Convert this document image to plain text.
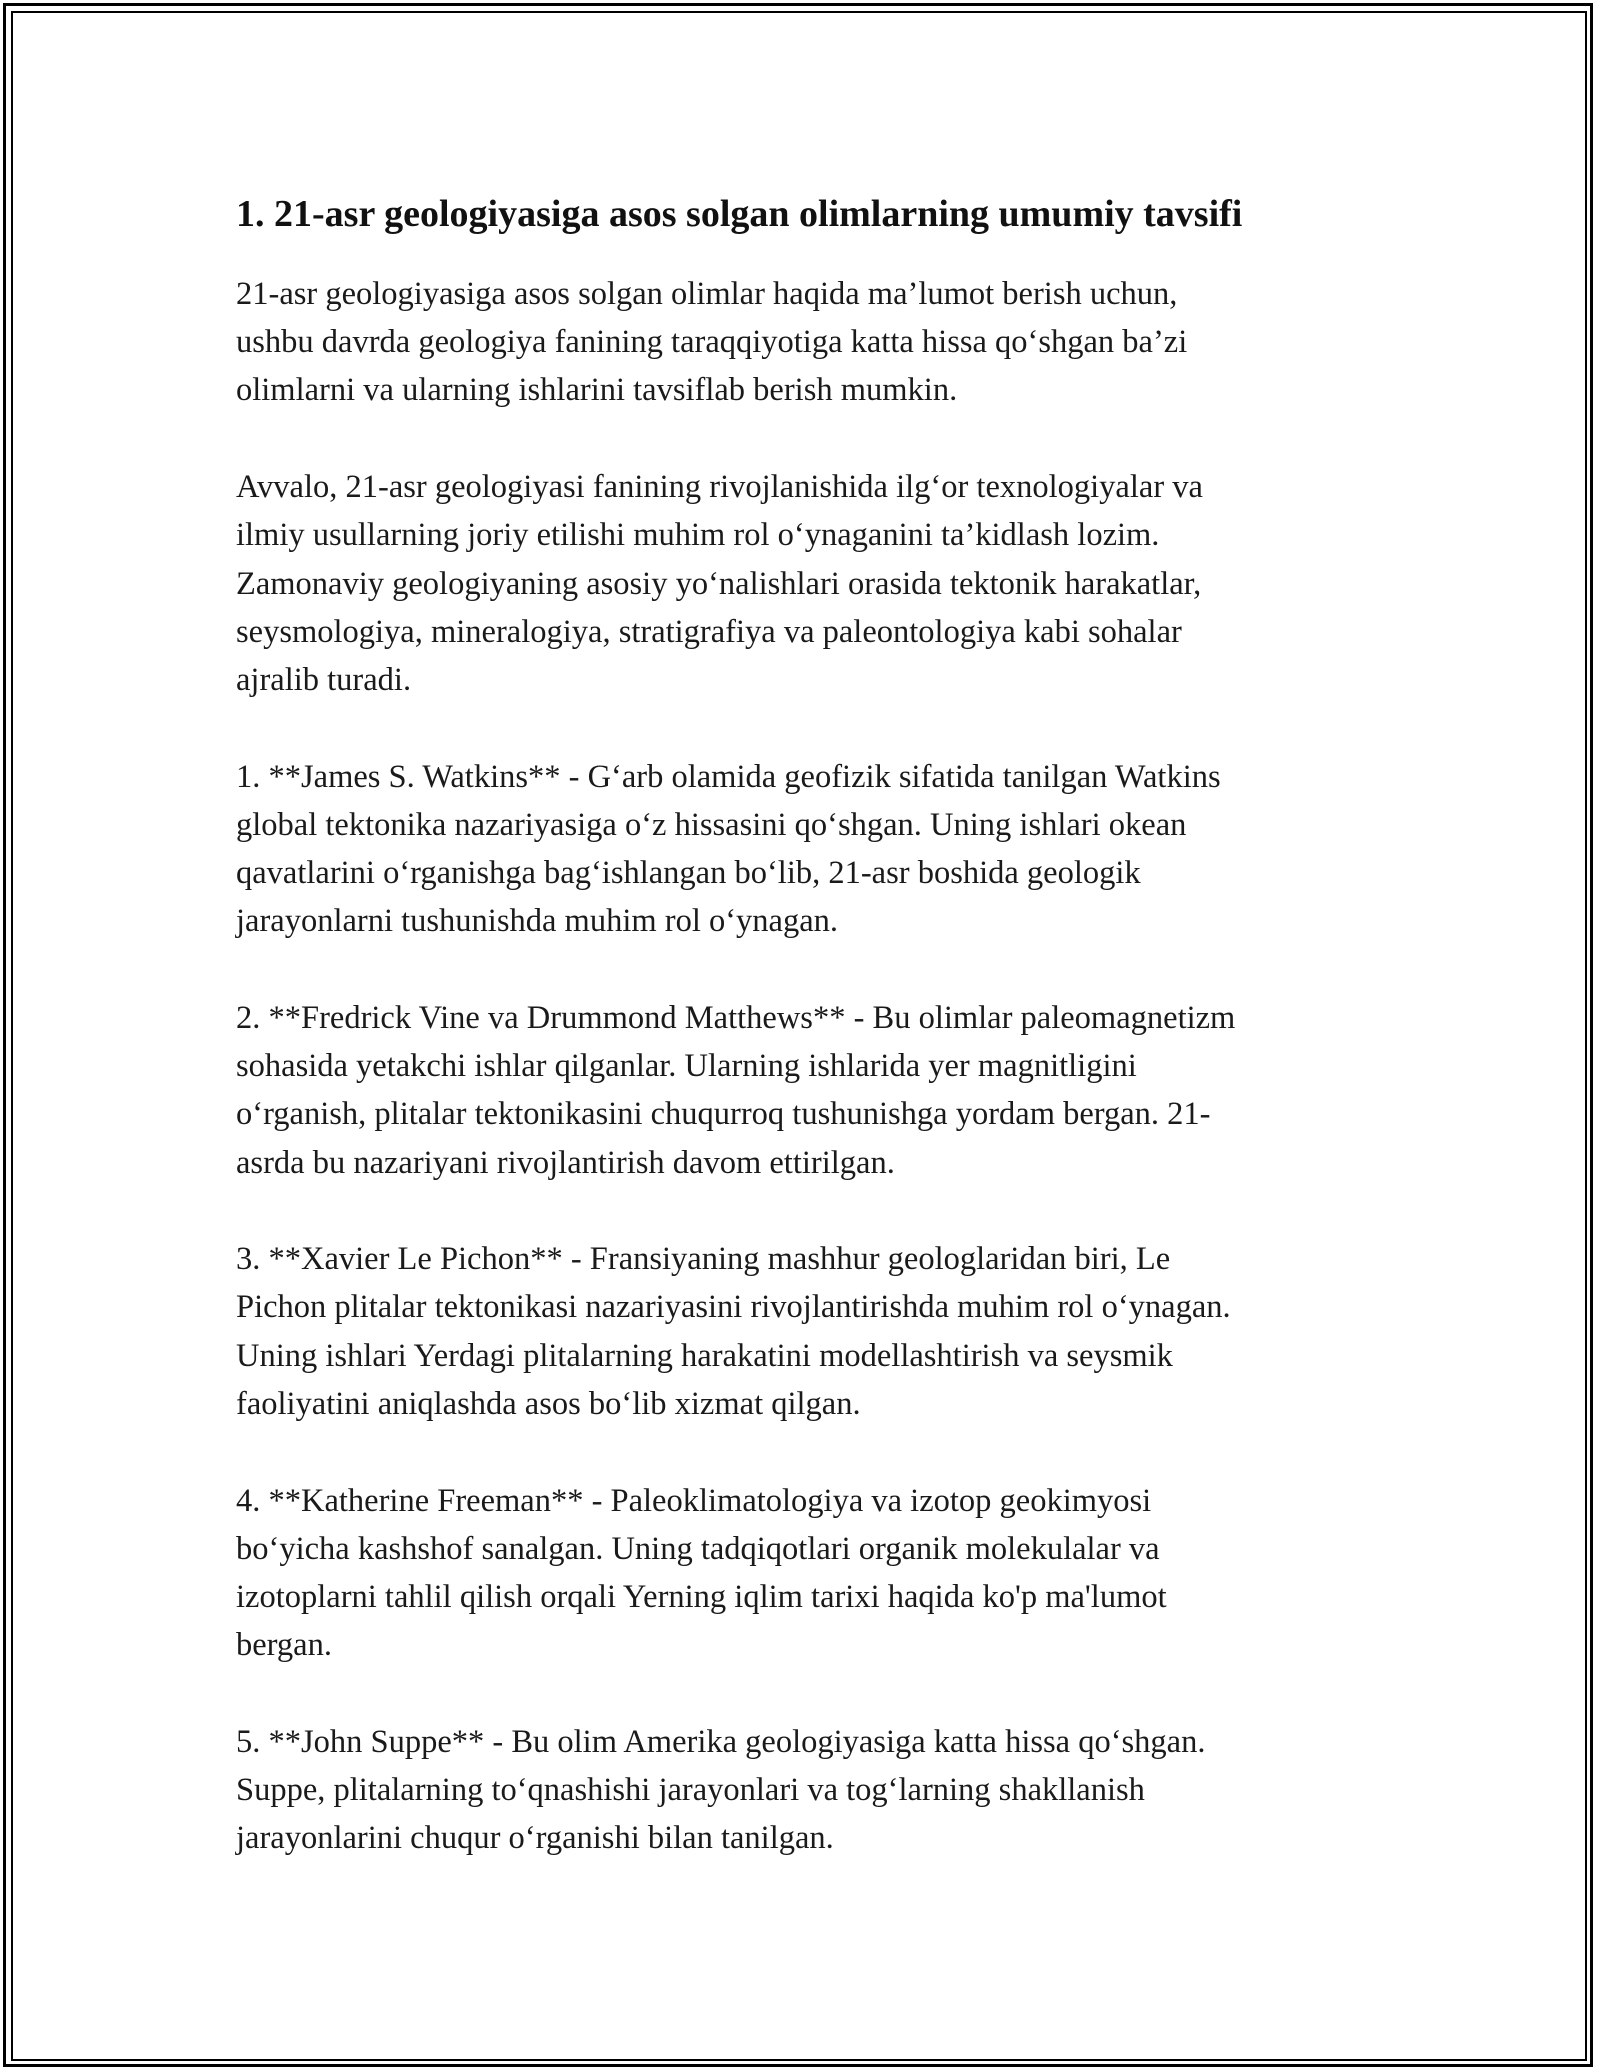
1. 21-asr geologiyasiga asos solgan olimlarning umumiy tavsifi

21-asr geologiyasiga asos solgan olimlar haqida ma’lumot berish uchun,
ushbu davrda geologiya fanining taraqqiyotiga katta hissa qo‘shgan ba’zi
olimlarni va ularning ishlarini tavsiflab berish mumkin.

Avvalo, 21-asr geologiyasi fanining rivojlanishida ilg‘or texnologiyalar va
ilmiy usullarning joriy etilishi muhim rol o‘ynaganini ta’kidlash lozim.
Zamonaviy geologiyaning asosiy yo‘nalishlari orasida tektonik harakatlar,
seysmologiya, mineralogiya, stratigrafiya va paleontologiya kabi sohalar
ajralib turadi.

1. **James S. Watkins** - G‘arb olamida geofizik sifatida tanilgan Watkins
global tektonika nazariyasiga o‘z hissasini qo‘shgan. Uning ishlari okean
qavatlarini o‘rganishga bag‘ishlangan bo‘lib, 21-asr boshida geologik
jarayonlarni tushunishda muhim rol o‘ynagan.

2. **Fredrick Vine va Drummond Matthews** - Bu olimlar paleomagnetizm
sohasida yetakchi ishlar qilganlar. Ularning ishlarida yer magnitligini
o‘rganish, plitalar tektonikasini chuqurroq tushunishga yordam bergan. 21-
asrda bu nazariyani rivojlantirish davom ettirilgan.

3. **Xavier Le Pichon** - Fransiyaning mashhur geologlaridan biri, Le
Pichon plitalar tektonikasi nazariyasini rivojlantirishda muhim rol o‘ynagan.
Uning ishlari Yerdagi plitalarning harakatini modellashtirish va seysmik
faoliyatini aniqlashda asos bo‘lib xizmat qilgan.

4. **Katherine Freeman** - Paleoklimatologiya va izotop geokimyosi
bo‘yicha kashshof sanalgan. Uning tadqiqotlari organik molekulalar va
izotoplarni tahlil qilish orqali Yerning iqlim tarixi haqida ko'p ma'lumot
bergan.

5. **John Suppe** - Bu olim Amerika geologiyasiga katta hissa qo‘shgan.
Suppe, plitalarning to‘qnashishi jarayonlari va tog‘larning shakllanish
jarayonlarini chuqur o‘rganishi bilan tanilgan.
